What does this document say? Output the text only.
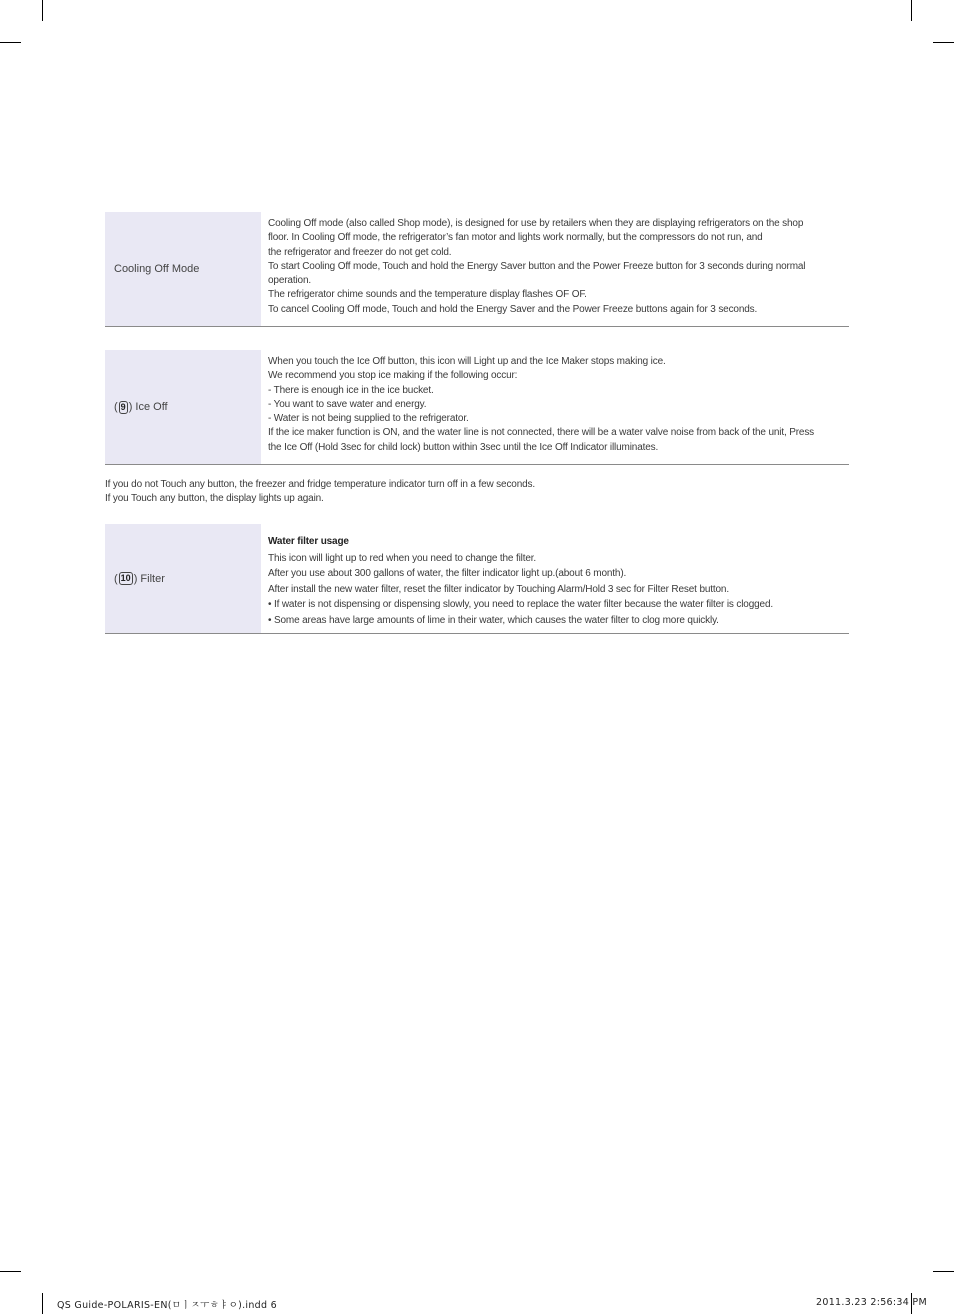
Cooling Off Mode

Cooling Off mode (also called Shop mode), is designed for use by retailers when they are displaying refrigerators on the shop

floor. In Cooling Off mode, the refrigerator’s fan motor and lights work normally, but the compressors do not run, and

the refrigerator and freezer do not get cold.

To start Cooling Off mode, Touch and hold the Energy Saver button and the Power Freeze button for 3 seconds during normal

operation.

The refrigerator chime sounds and the temperature display flashes OF OF.

To cancel Cooling Off mode, Touch and hold the Energy Saver and the Power Freeze buttons again for 3 seconds.

( 9 ) Ice Off

When you touch the Ice Off button, this icon will Light up and the Ice Maker stops making ice.

We recommend you stop ice making if the following occur:

- There is enough ice in the ice bucket.

- You want to save water and energy.

- Water is not being supplied to the refrigerator.

If the ice maker function is ON, and the water line is not connected, there will be a water valve noise from back of the unit, Press

the Ice Off (Hold 3sec for child lock) button within 3sec until the Ice Off Indicator illuminates.

If you do not Touch any button, the freezer and fridge temperature indicator turn off in a few seconds.

If you Touch any button, the display lights up again.

( 10 ) Filter

Water filter usage

This icon will light up to red when you need to change the filter.

After you use about 300 gallons of water, the filter indicator light up.(about 6 month).

After install the new water filter, reset the filter indicator by Touching Alarm/Hold 3 sec for Filter Reset button.

• If water is not dispensing or dispensing slowly, you need to replace the water filter because the water filter is clogged.

• Some areas have large amounts of lime in their water, which causes the water filter to clog more quickly.

QS Guide-POLARIS-EN(ㅁㅣㅈㅜㅎㅑㅇ).indd 6	2011.3.23 2:56:34 PM
